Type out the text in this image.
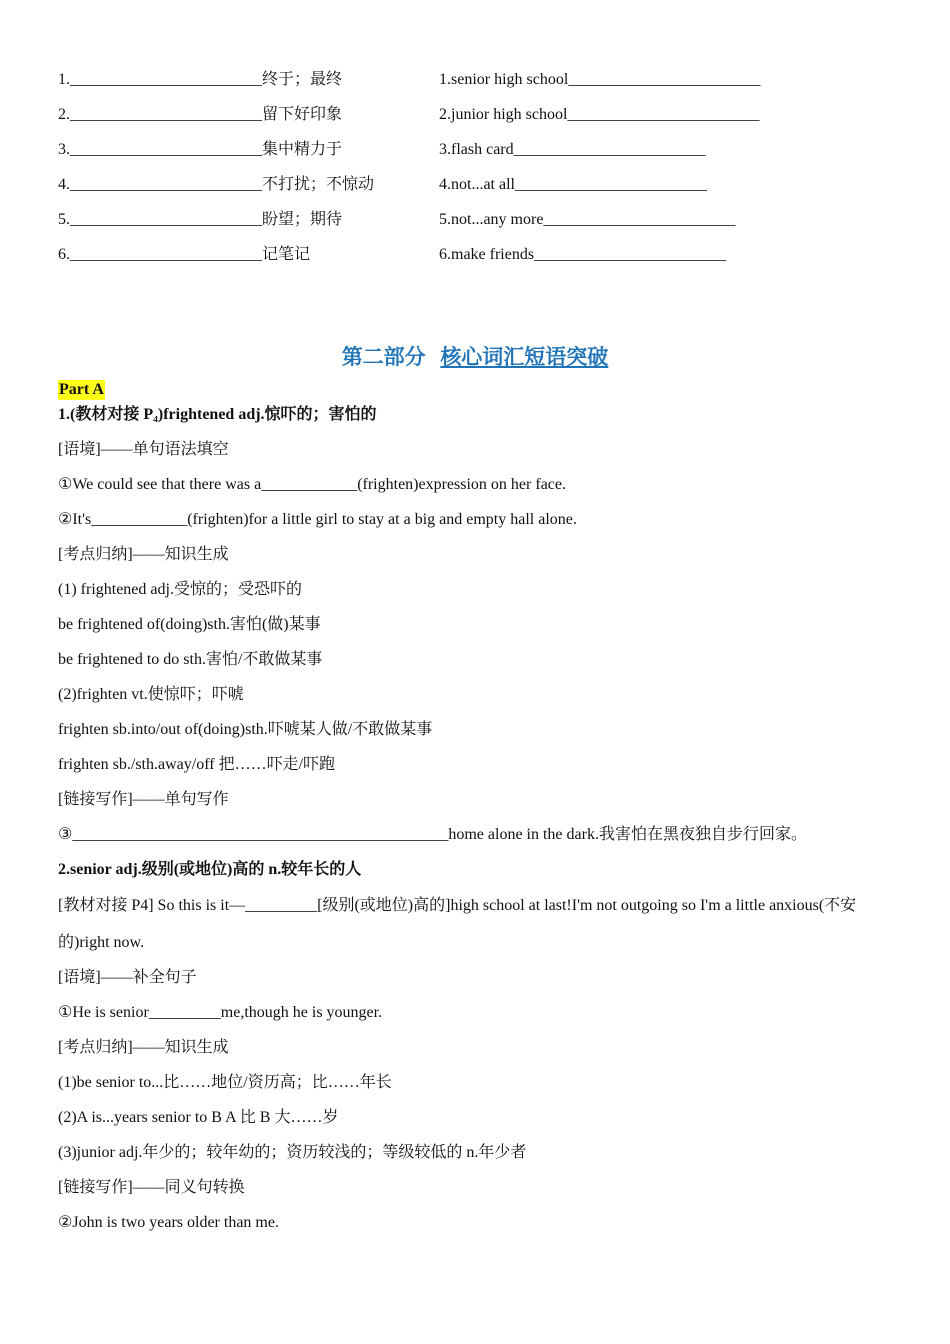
1.________________________终于；最终
2.________________________留下好印象
3.________________________集中精力于
4.________________________不打扰；不惊动
5.________________________盼望；期待
6.________________________记笔记
1.senior high school________________________
2.junior high school________________________
3.flash card________________________
4.not...at all________________________
5.not...any more________________________
6.make friends________________________
第二部分 核心词汇短语突破
Part A
1.(教材对接 P₄)frightened adj.惊吓的；害怕的
[语境]——单句语法填空
①We could see that there was a____________(frighten)expression on her face.
②It's____________(frighten)for a little girl to stay at a big and empty hall alone.
[考点归纳]——知识生成
(1) frightened adj.受惊的；受恐吓的
be frightened of(doing)sth.害怕(做)某事
be frightened to do sth.害怕/不敢做某事
(2)frighten vt.使惊吓；吓唬
frighten sb.into/out of(doing)sth.吓唬某人做/不敢做某事
frighten sb./sth.away/off 把……吓走/吓跑
[链接写作]——单句写作
③_______________________________________________home alone in the dark.我害怕在黑夜独自步行回家。
2.senior adj.级别(或地位)高的 n.较年长的人
[教材对接 P4] So this is it—_________[级别(或地位)高的]high school at last!I'm not outgoing so I'm a little anxious(不安
的)right now.
[语境]——补全句子
①He is senior_________me,though he is younger.
[考点归纳]——知识生成
(1)be senior to...比……地位/资历高；比……年长
(2)A is...years senior to B A 比 B 大……岁
(3)junior adj.年少的；较年幼的；资历较浅的；等级较低的 n.年少者
[链接写作]——同义句转换
②John is two years older than me.
